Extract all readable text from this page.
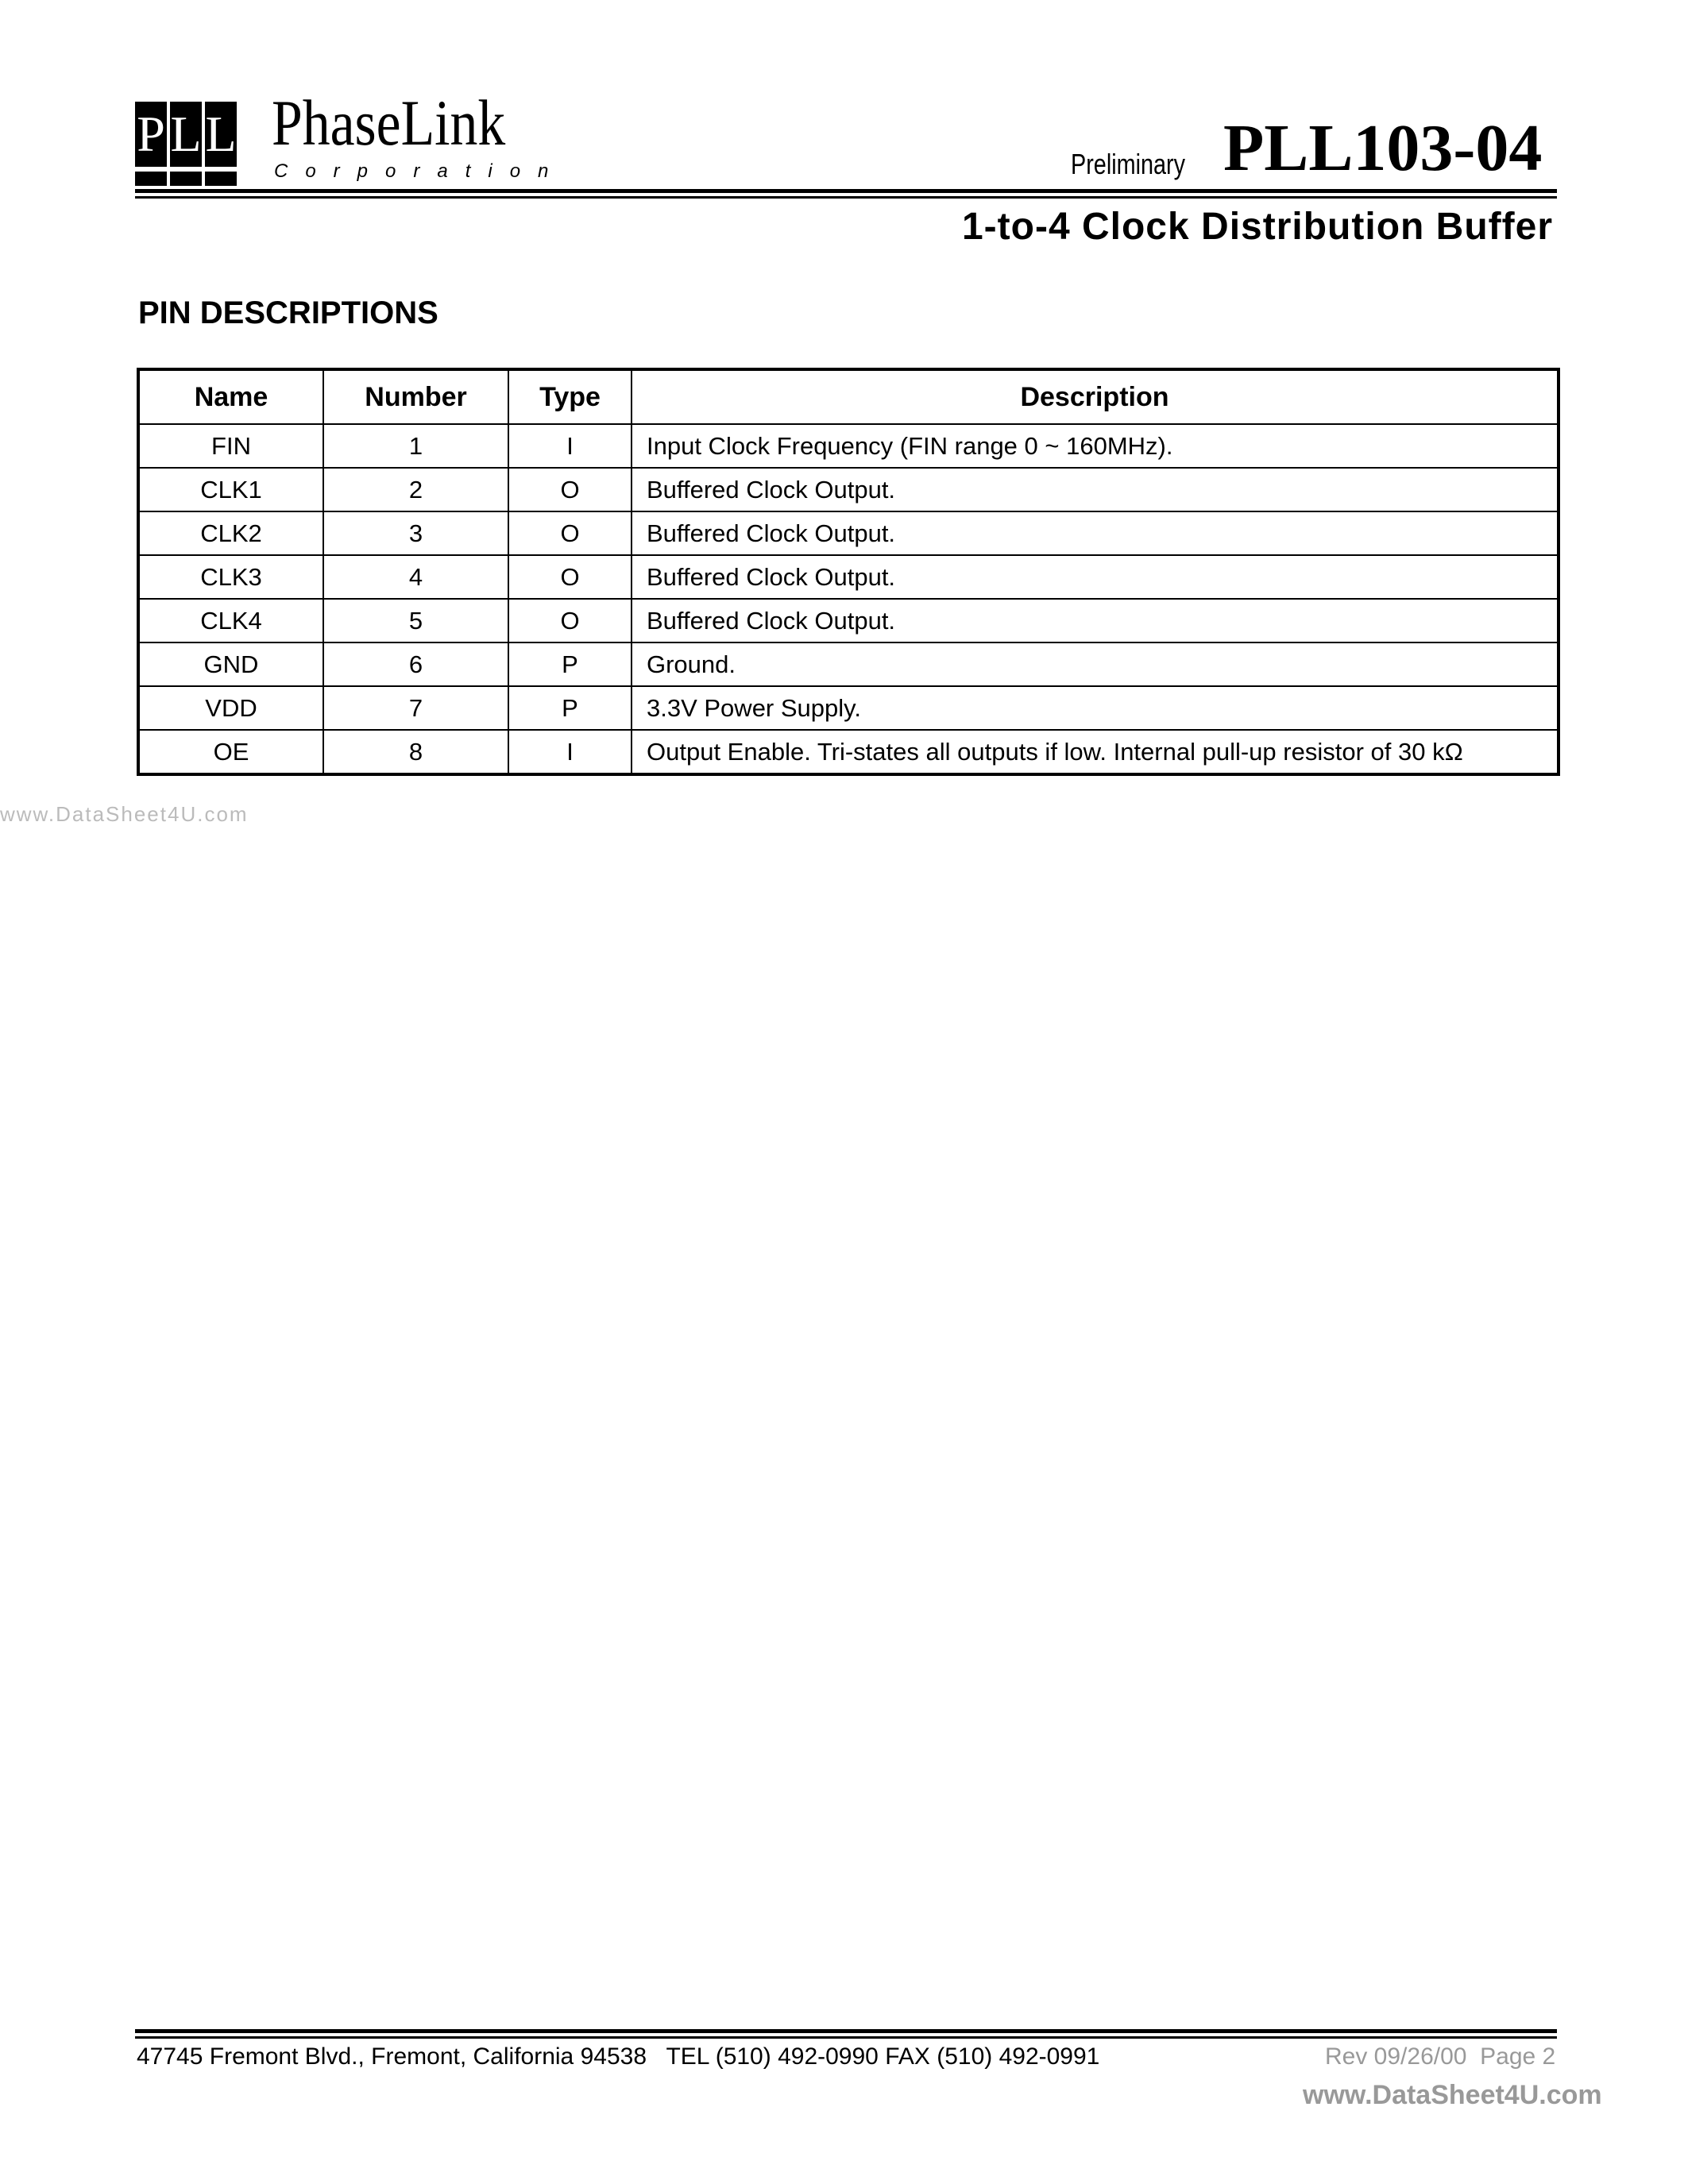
P L L PhaseLink
Corporation	Preliminary PLL103-04
1-to-4 Clock Distribution Buffer
PIN DESCRIPTIONS
www.DataSheet4U.com
Name	Number	Type	Description
FIN	1	I	Input Clock Frequency (FIN range 0 ~ 160MHz).
CLK1	2	O	Buffered Clock Output.
CLK2	3	O	Buffered Clock Output.
CLK3	4	O	Buffered Clock Output.
CLK4	5	O	Buffered Clock Output.
GND	6	P	Ground.
VDD	7	P	3.3V Power Supply.
OE	8	I	Output Enable. Tri-states all outputs if low. Internal pull-up resistor of 30 kΩ
47745 Fremont Blvd., Fremont, California 94538   TEL (510) 492-0990 FAX (510) 492-0991	Rev 09/26/00  Page 2
www.DataSheet4U.com
